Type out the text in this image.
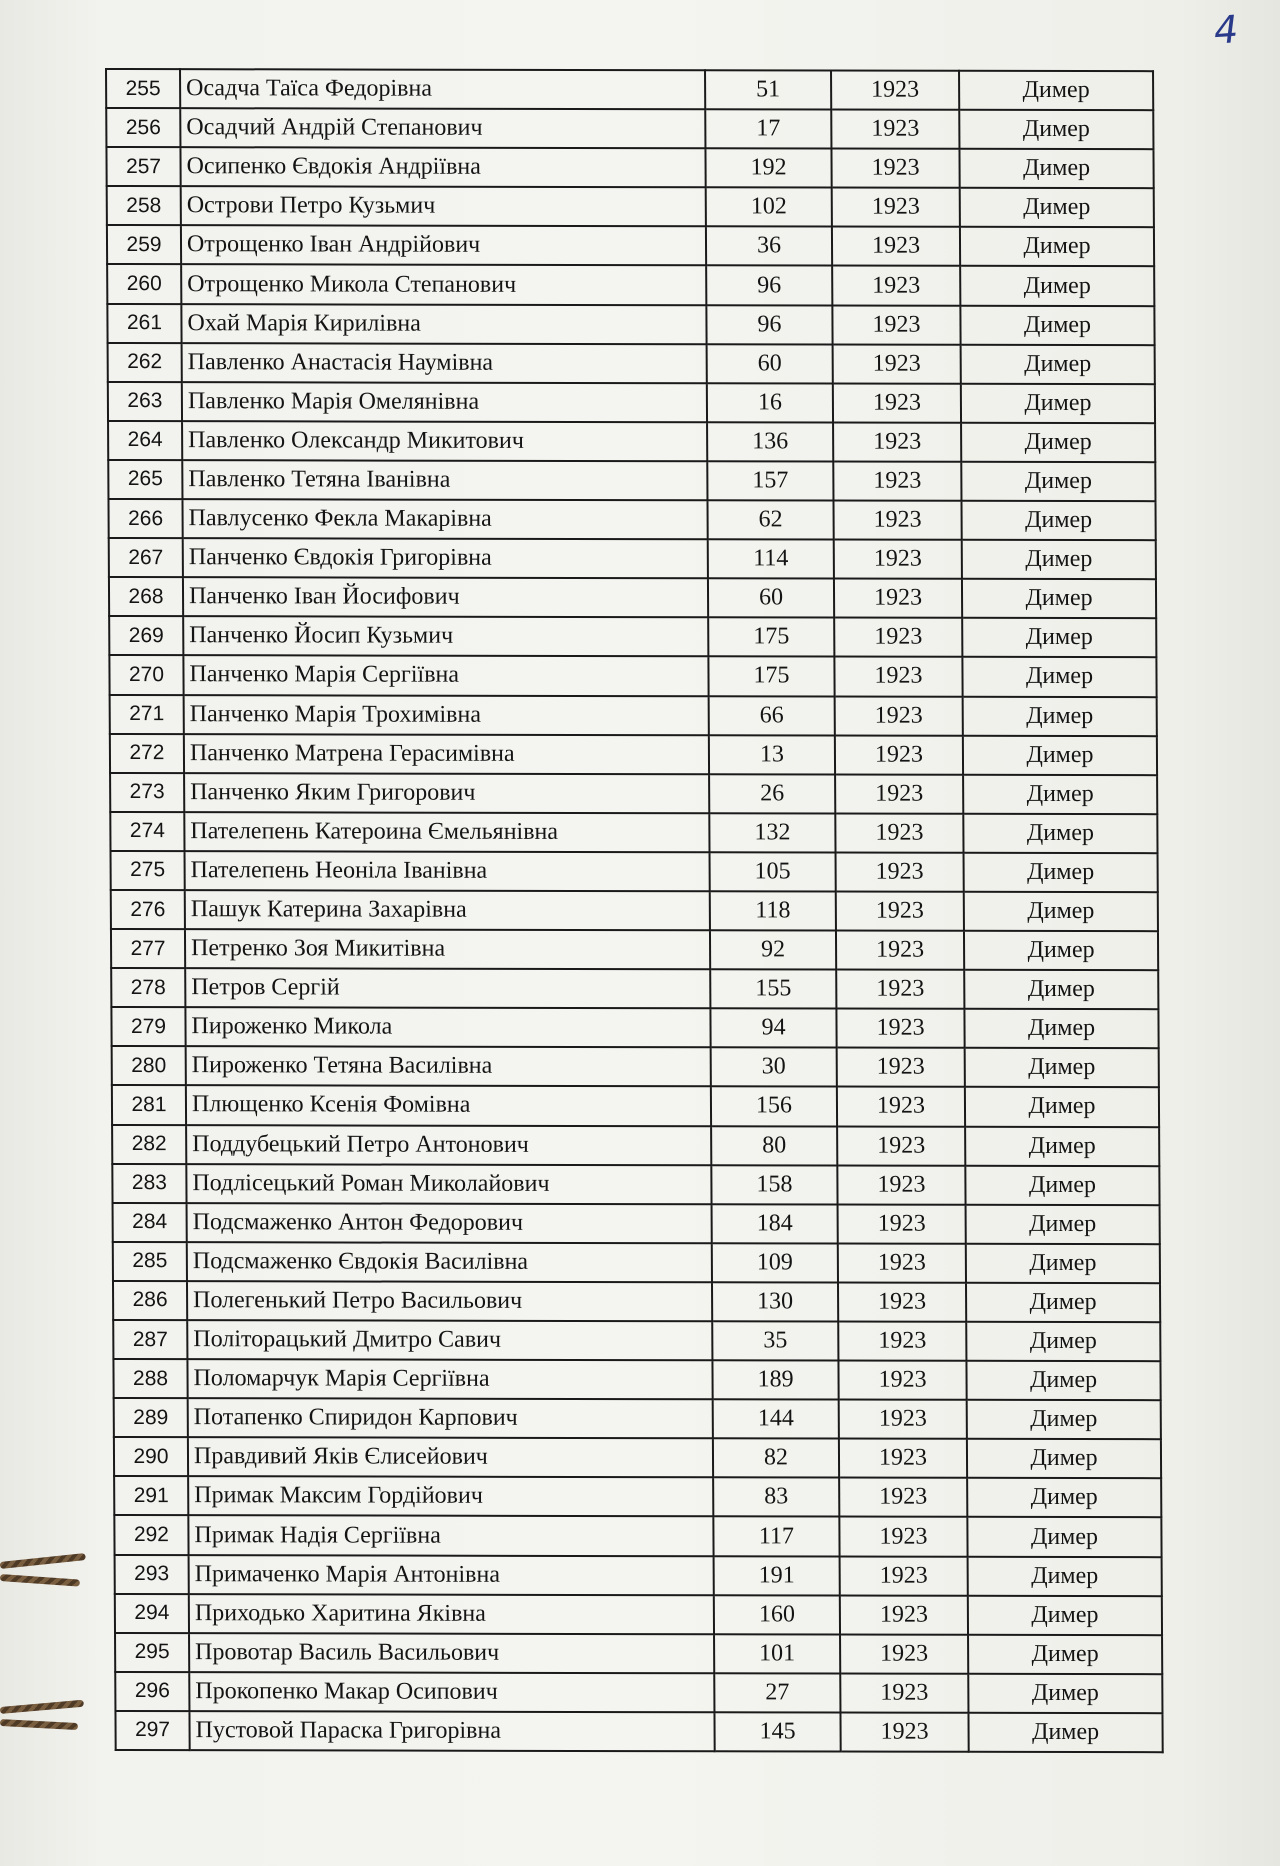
4
255	Осадча Таїса Федорівна	51	1923	Димер
256	Осадчий Андрій Степанович	17	1923	Димер
257	Осипенко Євдокія Андріївна	192	1923	Димер
258	Острови Петро Кузьмич	102	1923	Димер
259	Отрощенко Іван Андрійович	36	1923	Димер
260	Отрощенко Микола Степанович	96	1923	Димер
261	Охай Марія Кирилівна	96	1923	Димер
262	Павленко Анастасія Наумівна	60	1923	Димер
263	Павленко Марія Омелянівна	16	1923	Димер
264	Павленко Олександр Микитович	136	1923	Димер
265	Павленко Тетяна Іванівна	157	1923	Димер
266	Павлусенко Фекла Макарівна	62	1923	Димер
267	Панченко Євдокія Григорівна	114	1923	Димер
268	Панченко Іван Йосифович	60	1923	Димер
269	Панченко Йосип Кузьмич	175	1923	Димер
270	Панченко Марія Сергіївна	175	1923	Димер
271	Панченко Марія Трохимівна	66	1923	Димер
272	Панченко Матрена Герасимівна	13	1923	Димер
273	Панченко Яким Григорович	26	1923	Димер
274	Пателепень Катероина Ємельянівна	132	1923	Димер
275	Пателепень Неоніла Іванівна	105	1923	Димер
276	Пашук Катерина Захарівна	118	1923	Димер
277	Петренко Зоя Микитівна	92	1923	Димер
278	Петров Сергій	155	1923	Димер
279	Пироженко Микола	94	1923	Димер
280	Пироженко Тетяна Василівна	30	1923	Димер
281	Плющенко Ксенія Фомівна	156	1923	Димер
282	Поддубецький Петро Антонович	80	1923	Димер
283	Подлісецький Роман Миколайович	158	1923	Димер
284	Подсмаженко Антон Федорович	184	1923	Димер
285	Подсмаженко Євдокія Василівна	109	1923	Димер
286	Полегенький Петро Васильович	130	1923	Димер
287	Політорацький Дмитро Савич	35	1923	Димер
288	Поломарчук Марія Сергіївна	189	1923	Димер
289	Потапенко Спиридон Карпович	144	1923	Димер
290	Правдивий Яків Єлисейович	82	1923	Димер
291	Примак Максим Гордійович	83	1923	Димер
292	Примак Надія Сергіївна	117	1923	Димер
293	Примаченко Марія Антонівна	191	1923	Димер
294	Приходько Харитина Яківна	160	1923	Димер
295	Провотар Василь Васильович	101	1923	Димер
296	Прокопенко Макар Осипович	27	1923	Димер
297	Пустовой Параска Григорівна	145	1923	Димер
